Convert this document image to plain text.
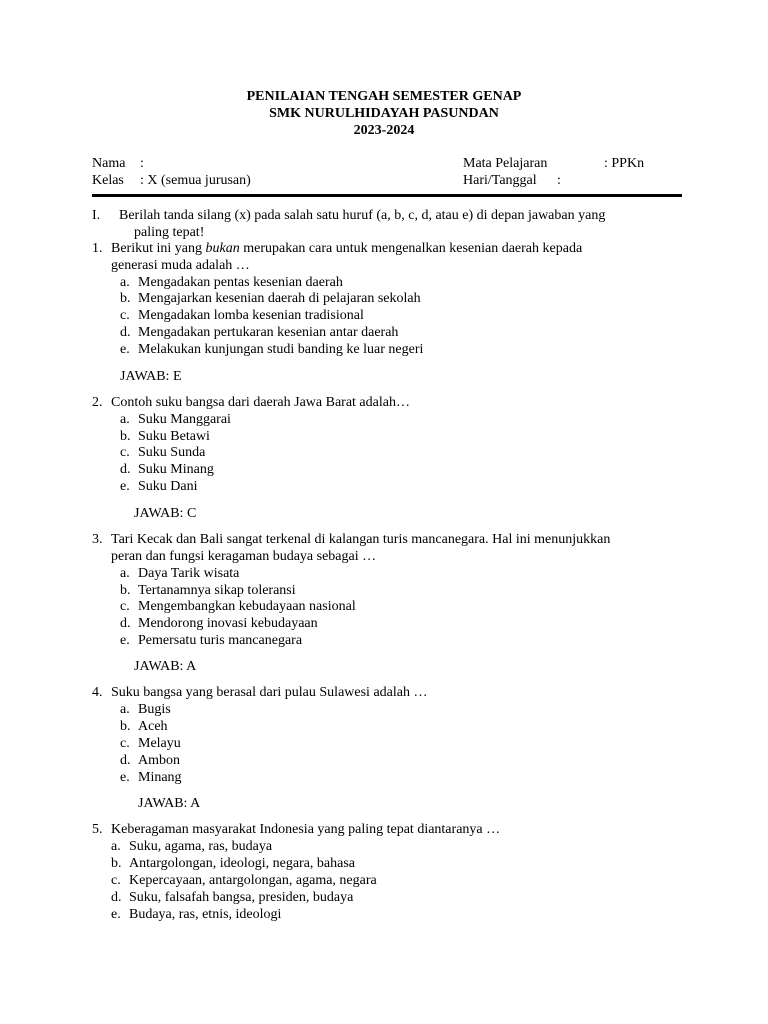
PENILAIAN TENGAH SEMESTER GENAP
SMK NURULHIDAYAH PASUNDAN
2023-2024
Nama :	Mata Pelajaran	: PPKn
Kelas : X (semua jurusan)	Hari/Tanggal :
I. Berilah tanda silang (x) pada salah satu huruf (a, b, c, d, atau e) di depan jawaban yang
paling tepat!
1. Berikut ini yang bukan merupakan cara untuk mengenalkan kesenian daerah kepada
generasi muda adalah …
a. Mengadakan pentas kesenian daerah
b. Mengajarkan kesenian daerah di pelajaran sekolah
c. Mengadakan lomba kesenian tradisional
d. Mengadakan pertukaran kesenian antar daerah
e. Melakukan kunjungan studi banding ke luar negeri
JAWAB: E
2. Contoh suku bangsa dari daerah Jawa Barat adalah…
a. Suku Manggarai
b. Suku Betawi
c. Suku Sunda
d. Suku Minang
e. Suku Dani
JAWAB: C
3. Tari Kecak dan Bali sangat terkenal di kalangan turis mancanegara. Hal ini menunjukkan
peran dan fungsi keragaman budaya sebagai …
a. Daya Tarik wisata
b. Tertanamnya sikap toleransi
c. Mengembangkan kebudayaan nasional
d. Mendorong inovasi kebudayaan
e. Pemersatu turis mancanegara
JAWAB: A
4. Suku bangsa yang berasal dari pulau Sulawesi adalah …
a. Bugis
b. Aceh
c. Melayu
d. Ambon
e. Minang
JAWAB: A
5. Keberagaman masyarakat Indonesia yang paling tepat diantaranya …
a. Suku, agama, ras, budaya
b. Antargolongan, ideologi, negara, bahasa
c. Kepercayaan, antargolongan, agama, negara
d. Suku, falsafah bangsa, presiden, budaya
e. Budaya, ras, etnis, ideologi
